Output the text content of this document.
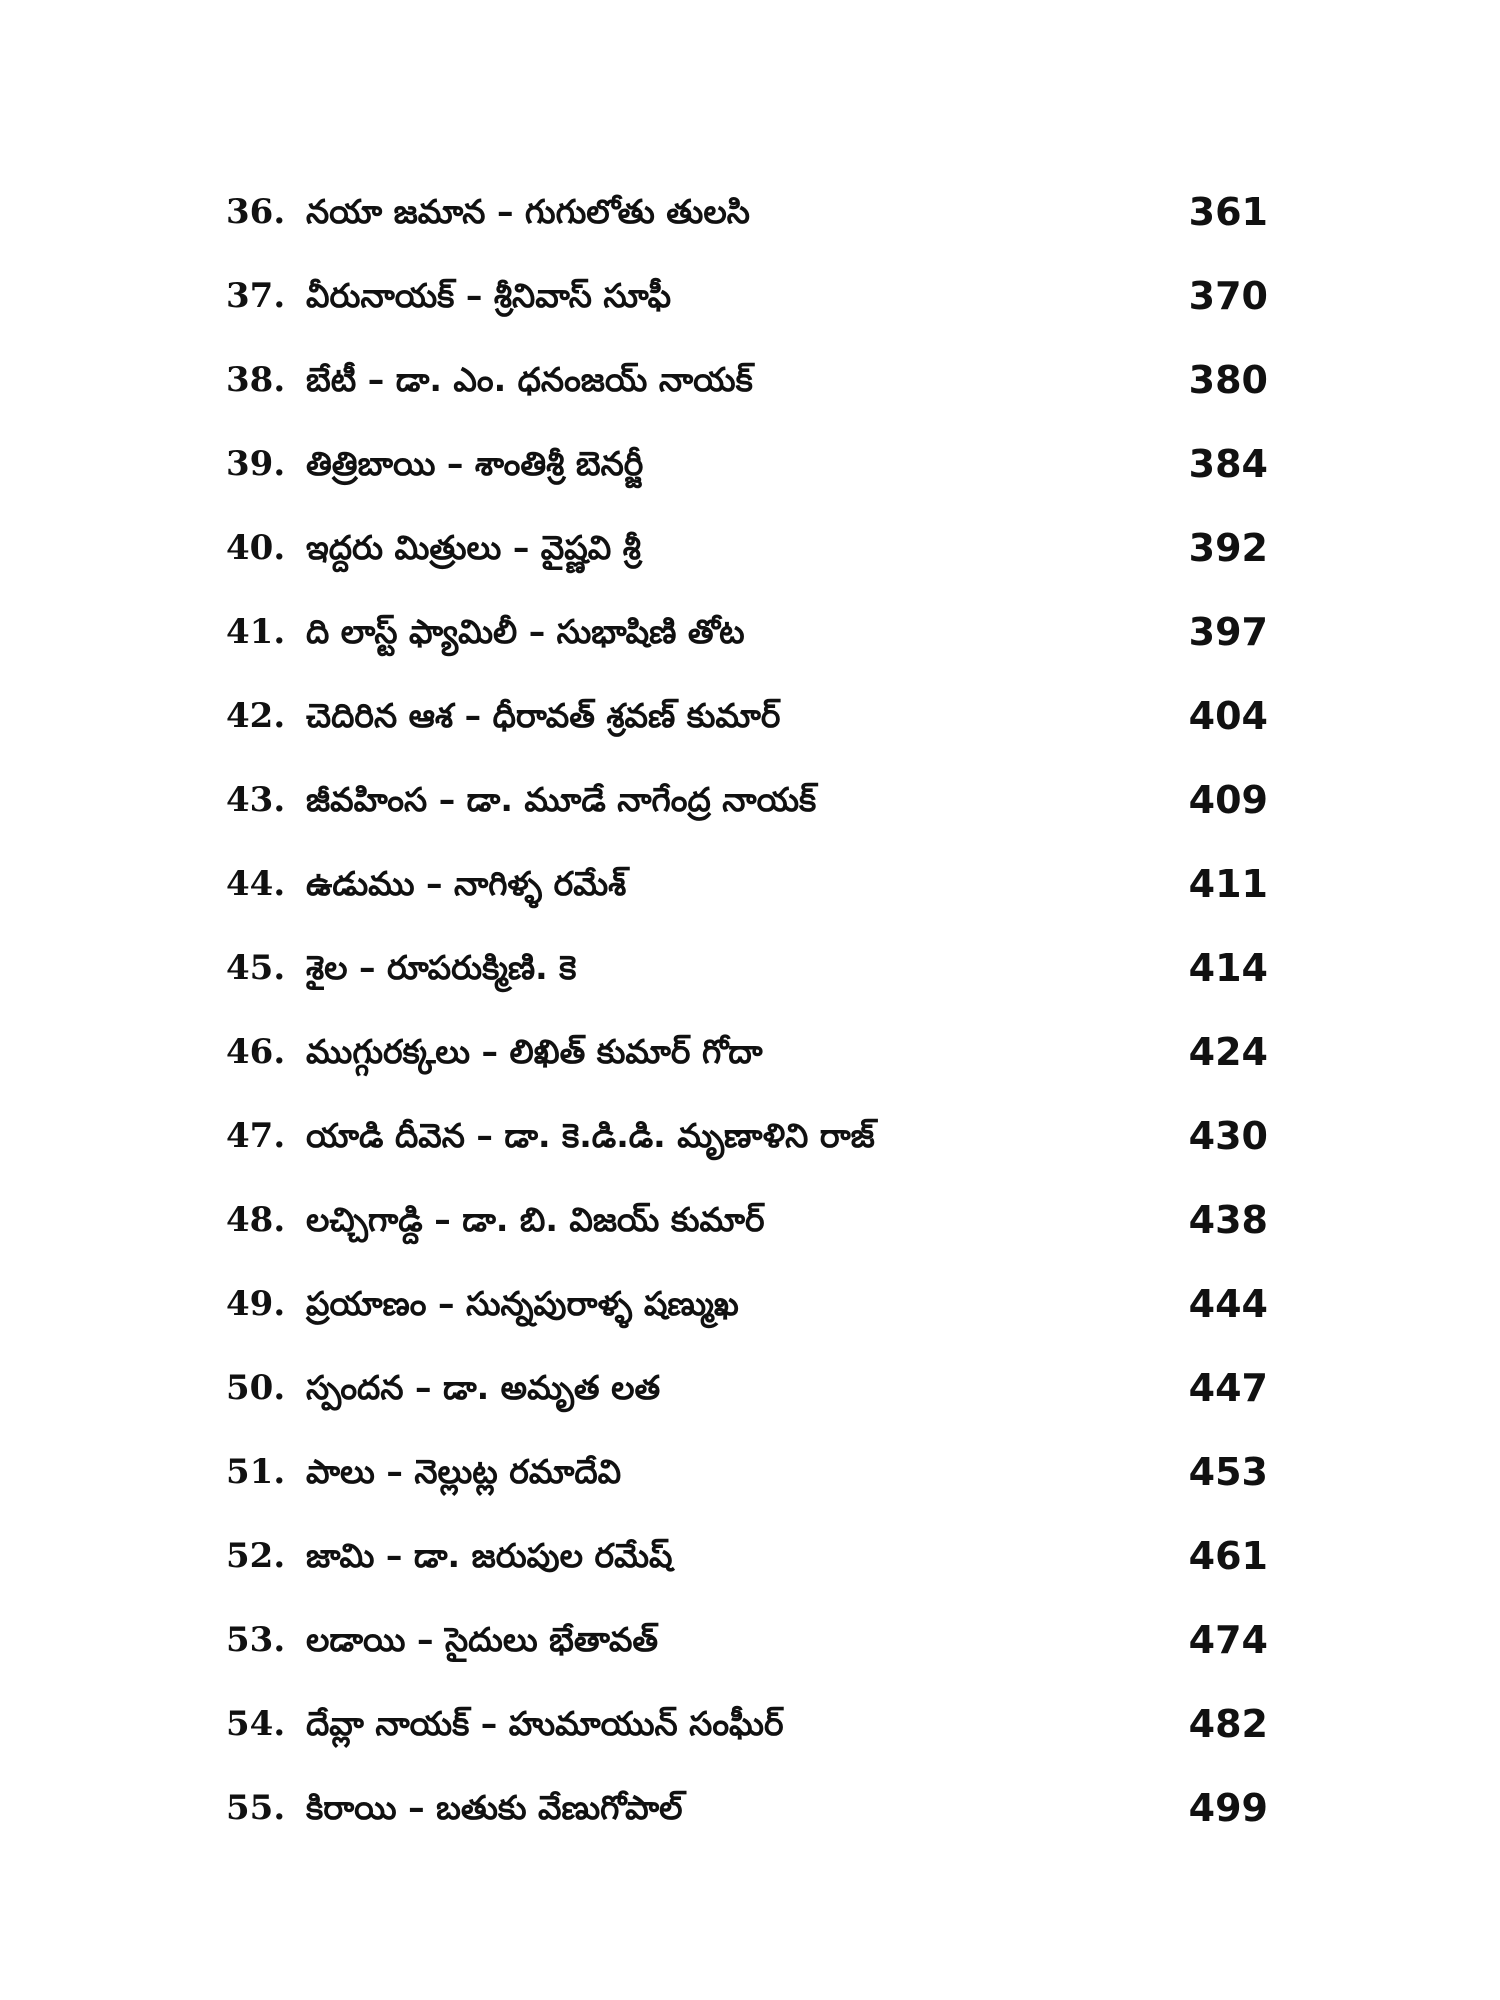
36. నయా జమాన – గుగులోతు తులసి	361
37. వీరునాయక్ – శ్రీనివాస్ సూఫీ	370
38. బేటీ – డా. ఎం. ధనంజయ్ నాయక్	380
39. తిత్రిబాయి – శాంతిశ్రీ బెనర్జీ	384
40. ఇద్దరు మిత్రులు – వైష్ణవి శ్రీ	392
41. ది లాస్ట్ ఫ్యామిలీ – సుభాషిణి తోట	397
42. చెదిరిన ఆశ – ధీరావత్ శ్రవణ్ కుమార్	404
43. జీవహింస – డా. మూడే నాగేంద్ర నాయక్	409
44. ఉడుము – నాగిళ్ళ రమేశ్	411
45. శైల – రూపరుక్మిణి. కె	414
46. ముగ్గురక్కలు – లిఖిత్ కుమార్ గోదా	424
47. యాడి దీవెన – డా. కె.డి.డి. మృణాళిని రాజ్	430
48. లచ్చిగాడ్ది – డా. బి. విజయ్ కుమార్	438
49. ప్రయాణం – సున్నపురాళ్ళ షణ్ముఖ	444
50. స్పందన – డా. అమృత లత	447
51. పాలు – నెల్లుట్ల రమాదేవి	453
52. జామి – డా. జరుపుల రమేష్	461
53. లడాయి – సైదులు భేతావత్	474
54. దేవ్లా నాయక్ – హుమాయున్ సంఘీర్	482
55. కిరాయి – బతుకు వేణుగోపాల్	499
